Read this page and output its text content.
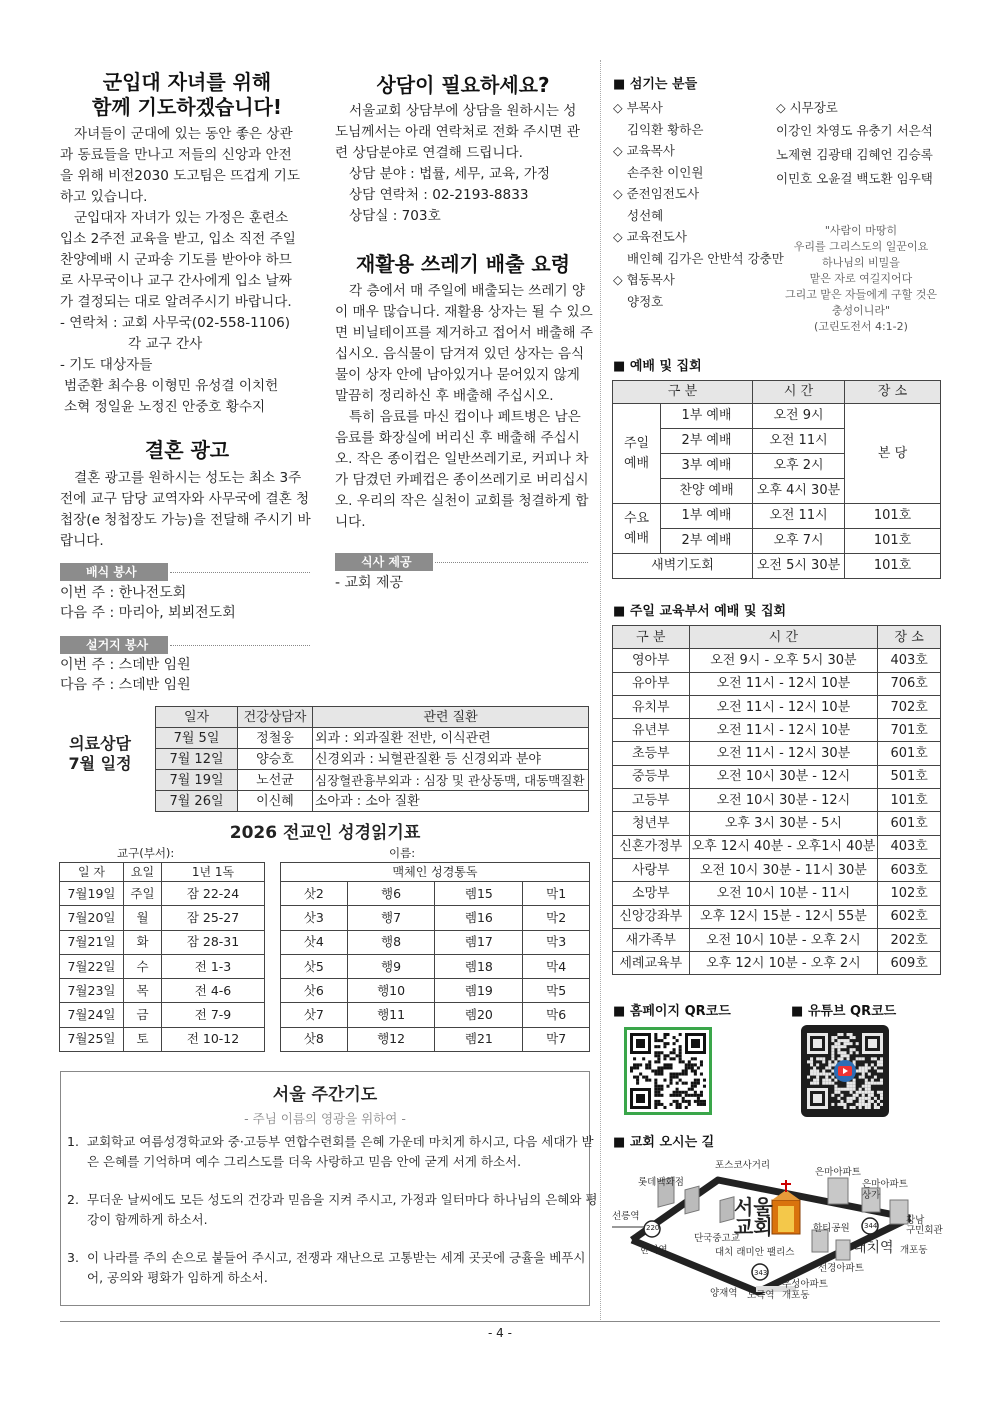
군입대 자녀를 위해
함께 기도하겠습니다!
자녀들이 군대에 있는 동안 좋은 상관
과 동료들을 만나고 저들의 신앙과 안전
을 위해 비전2030 도고팀은 뜨겁게 기도
하고 있습니다.
군입대자 자녀가 있는 가정은 훈련소
입소 2주전 교육을 받고, 입소 직전 주일
찬양예배 시 군파송 기도를 받아야 하므
로 사무국이나 교구 간사에게 입소 날짜
가 결정되는 대로 알려주시기 바랍니다.
- 연락처 : 교회 사무국(02-558-1106)
각 교구 간사
- 기도 대상자들
범준환 최수용 이형민 유성결 이치헌
소혁 정일윤 노정진 안중호 황수지
결혼 광고
결혼 광고를 원하시는 성도는 최소 3주
전에 교구 담당 교역자와 사무국에 결혼 청
첩장(e 청첩장도 가능)을 전달해 주시기 바
랍니다.
배식 봉사
이번 주 : 한나전도회
다음 주 : 마리아, 뵈뵈전도회
설거지 봉사
이번 주 : 스데반 임원
다음 주 : 스데반 임원
상담이 필요하세요?
서울교회 상담부에 상담을 원하시는 성
도님께서는 아래 연락처로 전화 주시면 관
련 상담분야로 연결해 드립니다.
상담 분야 : 법률, 세무, 교육, 가정
상담 연락처 : 02-2193-8833
상담실 : 703호
재활용 쓰레기 배출 요령
각 층에서 매 주일에 배출되는 쓰레기 양
이 매우 많습니다. 재활용 상자는 될 수 있으
면 비닐테이프를 제거하고 접어서 배출해 주
십시오. 음식물이 담겨져 있던 상자는 음식
물이 상자 안에 남아있거나 묻어있지 않게
말끔히 정리하신 후 배출해 주십시오.
특히 음료를 마신 컵이나 페트병은 남은
음료를 화장실에 버리신 후 배출해 주십시
오. 작은 종이컵은 일반쓰레기로, 커피나 차
가 담겼던 카페컵은 종이쓰레기로 버리십시
오. 우리의 작은 실천이 교회를 청결하게 합
니다.
식사 제공
- 교회 제공
의료상담
7월 일정
일자	건강상담자	관련 질환
7월 5일	정철웅	외과 : 외과질환 전반, 이식관련
7월 12일	양승호	신경외과 : 뇌혈관질환 등 신경외과 분야
7월 19일	노선균	심장혈관흉부외과 : 심장 및 관상동맥, 대동맥질환
7월 26일	이신혜	소아과 : 소아 질환
2026 전교인 성경읽기표
교구(부서):	이름:
일 자	요일	1년 1독
7월19일	주일	잠 22-24
7월20일	월	잠 25-27
7월21일	화	잠 28-31
7월22일	수	전 1-3
7월23일	목	전 4-6
7월24일	금	전 7-9
7월25일	토	전 10-12
맥체인 성경통독			
삿2	행6	렘15	막1
삿3	행7	렘16	막2
삿4	행8	렘17	막3
삿5	행9	렘18	막4
삿6	행10	렘19	막5
삿7	행11	렘20	막6
삿8	행12	렘21	막7
서울 주간기도
- 주님 이름의 영광을 위하여 -
1. 교회학교 여름성경학교와 중·고등부 연합수련회를 은혜 가운데 마치게 하시고, 다음 세대가 받
은 은혜를 기억하며 예수 그리스도를 더욱 사랑하고 믿음 안에 굳게 서게 하소서.
2. 무더운 날씨에도 모든 성도의 건강과 믿음을 지켜 주시고, 가정과 일터마다 하나님의 은혜와 평
강이 함께하게 하소서.
3. 이 나라를 주의 손으로 붙들어 주시고, 전쟁과 재난으로 고통받는 세계 곳곳에 긍휼을 베푸시
어, 공의와 평화가 임하게 하소서.
■ 섬기는 분들
◇ 부목사
김익환 황하은
◇ 교육목사
손주찬 이인원
◇ 준전임전도사
성선혜
◇ 교육전도사
배인혜 김가은 안반석 강충만
◇ 협동목사
양정호
◇ 시무장로
이강인 차영도 유충기 서은석
노제현 김광태 김혜언 김승록
이민호 오윤걸 백도환 임우택
"사람이 마땅히
우리를 그리스도의 일꾼이요
하나님의 비밀을
맡은 자로 여길지어다
그리고 맡은 자들에게 구할 것은
충성이니라"
(고린도전서 4:1-2)
■ 예배 및 집회
구 분		시 간	장 소

주일
예배	1부 예배	오전 9시	본 당
	2부 예배	오전 11시	
	3부 예배	오후 2시	
	찬양 예배	오후 4시 30분	

수요
예배	1부 예배	오전 11시	101호
	2부 예배	오후 7시	101호
새벽기도회		오전 5시 30분	101호
■ 주일 교육부서 예배 및 집회
구 분	시 간	장 소
영아부	오전 9시 - 오후 5시 30분	403호
유아부	오전 11시 - 12시 10분	706호
유치부	오전 11시 - 12시 10분	702호
유년부	오전 11시 - 12시 10분	701호
초등부	오전 11시 - 12시 30분	601호
중등부	오전 10시 30분 - 12시	501호
고등부	오전 10시 30분 - 12시	101호
청년부	오후 3시 30분 - 5시	601호
신혼가정부	오후 12시 40분 - 오후1시 40분	403호
사랑부	오전 10시 30분 - 11시 30분	603호
소망부	오전 10시 10분 - 11시	102호
신앙강좌부	오후 12시 15분 - 12시 55분	602호
새가족부	오전 10시 10분 - 오후 2시	202호
세례교육부	오후 12시 10분 - 오후 2시	609호
■ 홈페이지 QR코드	■ 유튜브 QR코드
■ 교회 오시는 길
포스코사거리
롯데백화점
은마아파트
은마아파트
상가
서울
교회
선릉역
220
한티역
단국중고교
한티공원
대치 래미안 팰리스	대치역
344	강남
구민회관
개포동
선경아파트
343
양재역 도곡역
우성아파트
개포동
- 4 -
